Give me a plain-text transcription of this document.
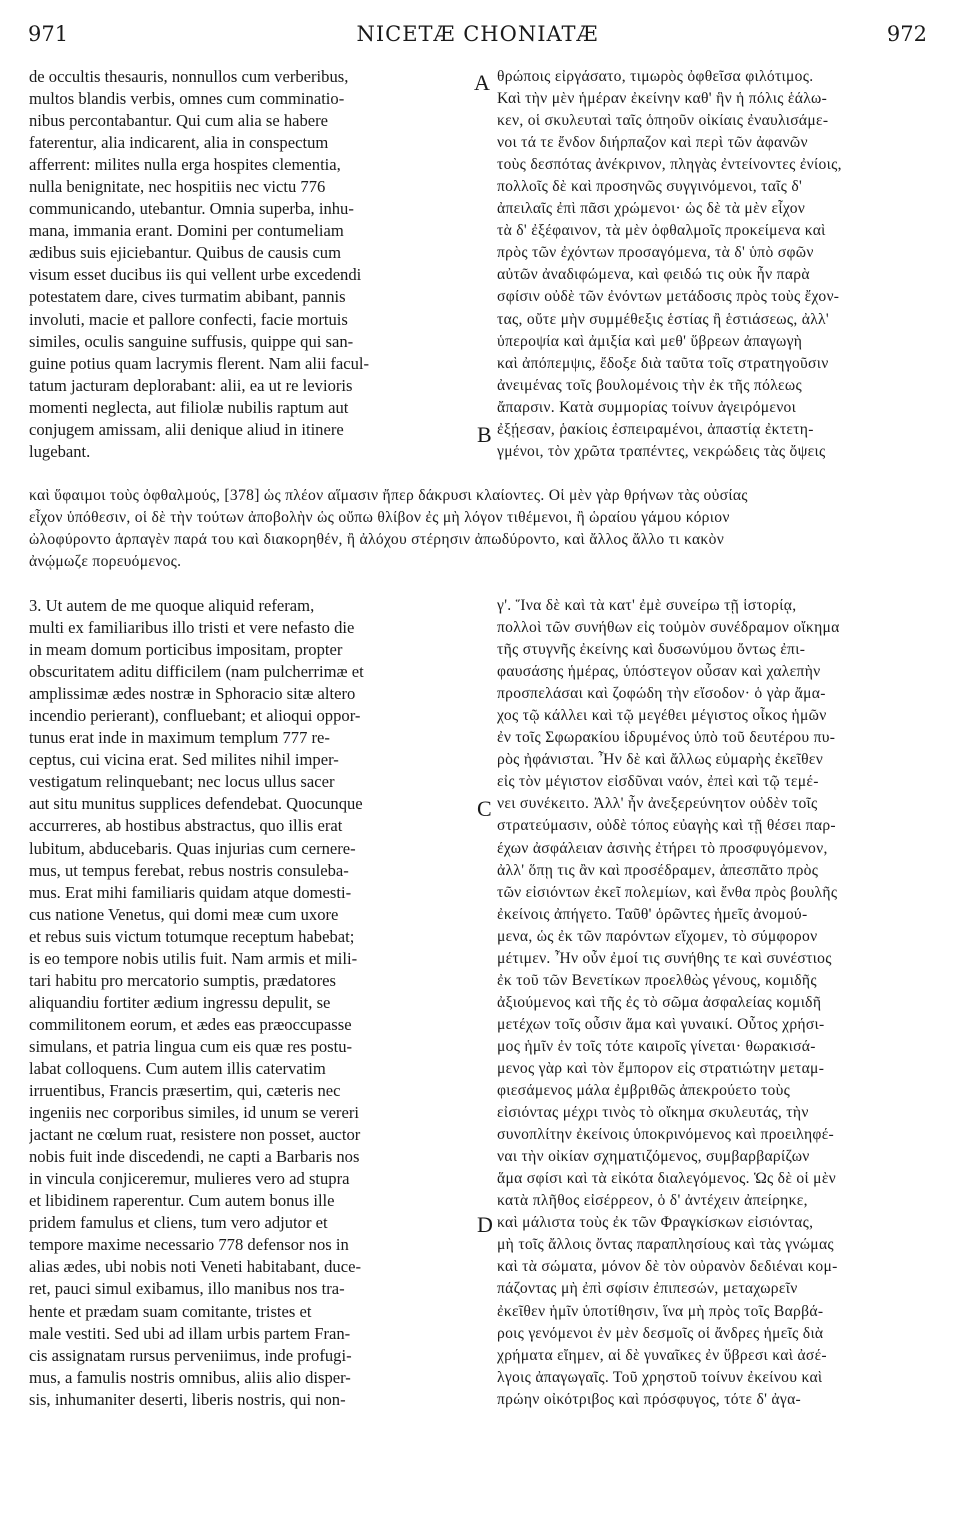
971	NICETÆ CHONIATÆ	972
A
B
C
D
de occultis thesauris, nonnullos cum verberibus,
multos blandis verbis, omnes cum comminatio-
nibus percontabantur. Qui cum alia se habere
faterentur, alia indicarent, alia in conspectum
afferrent: milites nulla erga hospites clementia,
nulla benignitate, nec hospitiis nec victu 776
communicando, utebantur. Omnia superba, inhu-
mana, immania erant. Domini per contumeliam
ædibus suis ejiciebantur. Quibus de causis cum
visum esset ducibus iis qui vellent urbe excedendi
potestatem dare, cives turmatim abibant, pannis
involuti, macie et pallore confecti, facie mortuis
similes, oculis sanguine suffusis, quippe qui san-
guine potius quam lacrymis flerent. Nam alii facul-
tatum jacturam deplorabant: alii, ea ut re levioris
momenti neglecta, aut filiolæ nubilis raptum aut
conjugem amissam, alii denique aliud in itinere
lugebant.
θρώποις εἰργάσατο, τιμωρὸς ὀφθεῖσα φιλότιμος.
Καὶ τὴν μὲν ἡμέραν ἐκείνην καθ' ἣν ἡ πόλις ἑάλω-
κεν, οἱ σκυλευταὶ ταῖς ὁπηοῦν οἰκίαις ἐναυλισάμε-
νοι τά τε ἔνδον διήρπαζον καὶ περὶ τῶν ἀφανῶν
τοὺς δεσπότας ἀνέκρινον, πληγὰς ἐντείνοντες ἐνίοις,
πολλοῖς δὲ καὶ προσηνῶς συγγινόμενοι, ταῖς δ'
ἀπειλαῖς ἐπὶ πᾶσι χρώμενοι· ὡς δὲ τὰ μὲν εἶχον
τὰ δ' ἐξέφαινον, τὰ μὲν ὀφθαλμοῖς προκείμενα καὶ
πρὸς τῶν ἐχόντων προσαγόμενα, τὰ δ' ὑπὸ σφῶν
αὐτῶν ἀναδιφώμενα, καὶ φειδώ τις οὐκ ἦν παρὰ
σφίσιν οὐδὲ τῶν ἐνόντων μετάδοσις πρὸς τοὺς ἔχον-
τας, οὔτε μὴν συμμέθεξις ἑστίας ἢ ἑστιάσεως, ἀλλ'
ὑπεροψία καὶ ἀμιξία καὶ μεθ' ὕβρεων ἀπαγωγὴ
καὶ ἀπόπεμψις, ἔδοξε διὰ ταῦτα τοῖς στρατηγοῦσιν
ἀνειμένας τοῖς βουλομένοις τὴν ἐκ τῆς πόλεως
ἄπαρσιν. Κατὰ συμμορίας τοίνυν ἀγειρόμενοι
ἐξῄεσαν, ῥακίοις ἐσπειραμένοι, ἀπαστίᾳ ἐκτετη-
γμένοι, τὸν χρῶτα τραπέντες, νεκρώδεις τὰς ὄψεις
καὶ ὕφαιμοι τοὺς ὀφθαλμούς, [378] ὡς πλέον αἵμασιν ἤπερ δάκρυσι κλαίοντες. Οἱ μὲν γὰρ θρήνων τὰς οὐσίας
εἶχον ὑπόθεσιν, οἱ δὲ τὴν τούτων ἀποβολὴν ὡς οὔπω θλίβον ἐς μὴ λόγον τιθέμενοι, ἢ ὡραίου γάμου κόριον
ὠλοφύροντο ἁρπαγὲν παρά του καὶ διακορηθέν, ἢ ἀλόχου στέρησιν ἀπωδύροντο, καὶ ἄλλος ἄλλο τι κακὸν
ἀνῴμωζε πορευόμενος.
3. Ut autem de me quoque aliquid referam,
multi ex familiaribus illo tristi et vere nefasto die
in meam domum porticibus impositam, propter
obscuritatem aditu difficilem (nam pulcherrimæ et
amplissimæ ædes nostræ in Sphoracio sitæ altero
incendio perierant), confluebant; et alioqui oppor-
tunus erat inde in maximum templum 777 re-
ceptus, cui vicina erat. Sed milites nihil imper-
vestigatum relinquebant; nec locus ullus sacer
aut situ munitus supplices defendebat. Quocunque
accurreres, ab hostibus abstractus, quo illis erat
lubitum, abducebaris. Quas injurias cum cernere-
mus, ut tempus ferebat, rebus nostris consuleba-
mus. Erat mihi familiaris quidam atque domesti-
cus natione Venetus, qui domi meæ cum uxore
et rebus suis victum totumque receptum habebat;
is eo tempore nobis utilis fuit. Nam armis et mili-
tari habitu pro mercatorio sumptis, prædatores
aliquandiu fortiter ædium ingressu depulit, se
commilitonem eorum, et ædes eas præoccupasse
simulans, et patria lingua cum eis quæ res postu-
labat colloquens. Cum autem illis catervatim
irruentibus, Francis præsertim, qui, cæteris nec
ingeniis nec corporibus similes, id unum se vereri
jactant ne cœlum ruat, resistere non posset, auctor
nobis fuit inde discedendi, ne capti a Barbaris nos
in vincula conjiceremur, mulieres vero ad stupra
et libidinem raperentur. Cum autem bonus ille
pridem famulus et cliens, tum vero adjutor et
tempore maxime necessario 778 defensor nos in
alias ædes, ubi nobis noti Veneti habitabant, duce-
ret, pauci simul exibamus, illo manibus nos tra-
hente et prædam suam comitante, tristes et
male vestiti. Sed ubi ad illam urbis partem Fran-
cis assignatam rursus perveniimus, inde profugi-
mus, a famulis nostris omnibus, aliis alio disper-
sis, inhumaniter deserti, liberis nostris, qui non-
γ'. Ἵνα δὲ καὶ τὰ κατ' ἐμὲ συνείρω τῇ ἱστορίᾳ,
πολλοὶ τῶν συνήθων εἰς τοὐμὸν συνέδραμον οἴκημα
τῆς στυγνῆς ἐκείνης καὶ δυσωνύμου ὄντως ἐπι-
φαυσάσης ἡμέρας, ὑπόστεγον οὖσαν καὶ χαλεπὴν
προσπελάσαι καὶ ζοφώδη τὴν εἴσοδον· ὁ γὰρ ἄμα-
χος τῷ κάλλει καὶ τῷ μεγέθει μέγιστος οἶκος ἡμῶν
ἐν τοῖς Σφωρακίου ἱδρυμένος ὑπὸ τοῦ δευτέρου πυ-
ρὸς ἠφάνισται. Ἦν δὲ καὶ ἄλλως εὐμαρὴς ἐκεῖθεν
εἰς τὸν μέγιστον εἰσδῦναι ναόν, ἐπεὶ καὶ τῷ τεμέ-
νει συνέκειτο. Ἀλλ' ἦν ἀνεξερεύνητον οὐδὲν τοῖς
στρατεύμασιν, οὐδὲ τόπος εὐαγὴς καὶ τῇ θέσει παρ-
έχων ἀσφάλειαν ἀσινὴς ἐτήρει τὸ προσφυγόμενον,
ἀλλ' ὅπῃ τις ἂν καὶ προσέδραμεν, ἀπεσπᾶτο πρὸς
τῶν εἰσιόντων ἐκεῖ πολεμίων, καὶ ἔνθα πρὸς βουλῆς
ἐκείνοις ἀπήγετο. Ταῦθ' ὁρῶντες ἡμεῖς ἀνομού-
μενα, ὡς ἐκ τῶν παρόντων εἴχομεν, τὸ σύμφορον
μέτιμεν. Ἦν οὖν ἐμοί τις συνήθης τε καὶ συνέστιος
ἐκ τοῦ τῶν Βενετίκων προελθὼς γένους, κομιδῆς
ἀξιούμενος καὶ τῆς ἐς τὸ σῶμα ἀσφαλείας κομιδῆ
μετέχων τοῖς οὖσιν ἅμα καὶ γυναικί. Οὗτος χρήσι-
μος ἡμῖν ἐν τοῖς τότε καιροῖς γίνεται· θωρακισά-
μενος γὰρ καὶ τὸν ἔμπορον εἰς στρατιώτην μεταμ-
φιεσάμενος μάλα ἐμβριθῶς ἀπεκρούετο τοὺς
εἰσιόντας μέχρι τινὸς τὸ οἴκημα σκυλευτάς, τὴν
συνοπλίτην ἐκείνοις ὑποκρινόμενος καὶ προειληφέ-
ναι τὴν οἰκίαν σχηματιζόμενος, συμβαρβαρίζων
ἅμα σφίσι καὶ τὰ εἰκότα διαλεγόμενος. Ὡς δὲ οἱ μὲν
κατὰ πλῆθος εἰσέρρεον, ὁ δ' ἀντέχειν ἀπείρηκε,
καὶ μάλιστα τοὺς ἐκ τῶν Φραγκίσκων εἰσιόντας,
μὴ τοῖς ἄλλοις ὄντας παραπλησίους καὶ τὰς γνώμας
καὶ τὰ σώματα, μόνον δὲ τὸν οὐρανὸν δεδιέναι κομ-
πάζοντας μὴ ἐπὶ σφίσιν ἐπιπεσών, μεταχωρεῖν
ἐκεῖθεν ἡμῖν ὑποτίθησιν, ἵνα μὴ πρὸς τοῖς Βαρβά-
ροις γενόμενοι ἐν μὲν δεσμοῖς οἱ ἄνδρες ἡμεῖς διὰ
χρήματα εἴημεν, αἱ δὲ γυναῖκες ἐν ὕβρεσι καὶ ἀσέ-
λγοις ἀπαγωγαῖς. Τοῦ χρηστοῦ τοίνυν ἐκείνου καὶ
πρώην οἰκότριβος καὶ πρόσφυγος, τότε δ' ἀγα-
